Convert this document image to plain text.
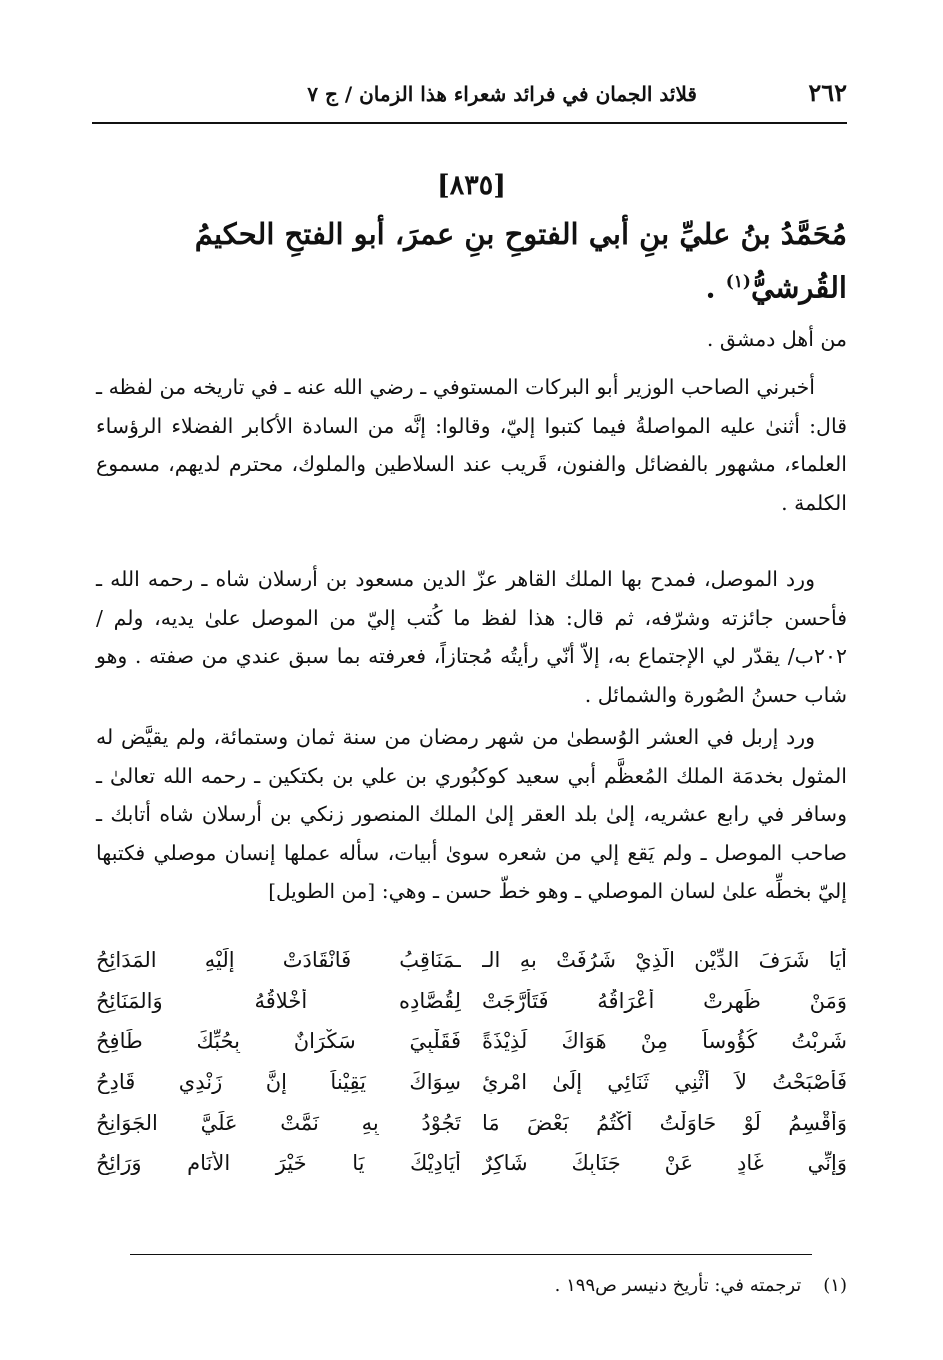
٢٦٢
قلائد الجمان في فرائد شعراء هذا الزمان / ج ٧
[٨٣٥]
مُحَمَّدُ بنُ عليِّ بنِ أبي الفتوحِ بنِ عمرَ، أبو الفتحِ الحكيمُ
القُرشيُّ$^{(١)}$ .

من أهل دمشق .

أخبرني الصاحب الوزير أبو البركات المستوفي ـ رضي الله عنه ـ في تاريخه من لفظه ـ قال: أثنىٰ عليه المواصلةُ فيما كتبوا إليّ، وقالوا: إنَّه من السادة الأكابر الفضلاء الرؤساء العلماء، مشهور بالفضائل والفنون، قَريب عند السلاطين والملوك، محترم لديهم، مسموع الكلمة .

ورد الموصل، فمدح بها الملك القاهر عزّ الدين مسعود بن أرسلان شاه ـ رحمه الله ـ فأحسن جائزته وشرّفه، ثم قال: هذا لفظ ما كُتب إليّ من الموصل علىٰ يديه، ولم / ٢٠٢ب/ يقدّر لي الإجتماع به، إلاّ أنّي رأيتُه مُجتازاً، فعرفته بما سبق عندي من صفته . وهو شاب حسنُ الصُورة والشمائل .

ورد إربل في العشر الوُسطىٰ من شهر رمضان من سنة ثمان وستمائة، ولم يقيَّض له المثول بخدمَة الملك المُعظَّم أبي سعيد كوكبُوري بن علي بن بكتكين ـ رحمه الله تعالىٰ ـ وسافر في رابع عشريه، إلىٰ بلد العقر إلىٰ الملك المنصور زنكي بن أرسلان شاه أتابك ـ صاحب الموصل ـ ولم يَقع إلي من شعره سوىٰ أبيات، سأله عملها إنسان موصلي فكتبها إليّ بخطِّه علىٰ لسان الموصلي ـ وهو خطّ حسن ـ وهي: [من الطويل]

أيَا شَرَفَ الدِّيْنِ الَّذِيْ شَرُفَتْ بهِ الـ
ـمَنَاقِبُ فَانْقَادَتْ إلَيْهِ المَدَائِحُ
وَمَنْ ظَهرتْ أعْرَاقُهُ فَتَأرَّجَتْ
لِقُصَّادِه أخْلاقُهُ وَالمَنَائِحُ
شَرِبْتُ كُؤُوساً مِنْ هَوَاكَ لَذِيْذَةً
فَقَلْبِيَ سَكْرَانٌ بِحُبِّكَ طَافِحُ
فَأصْبَحْتُ لاَ أُثْنِي ثَنَائِي إلَىٰ امْرِئٍ
سِوَاكَ يَقِيْناً إنَّ زَنْدِي قَادِحُ
وَأقْسِمُ لَوْ حَاوَلْتُ أكْتُمُ بَعْضَ مَا
تَجُوْدُ بِهِ نَمَّتْ عَلَيَّ الجَوَانِحُ
وَإنِّي غَادٍ عَنْ جَنَابِكَ شَاكِرٌ
أيَادِيْكَ يَا خَيْرَ الأنَامِ وَرَائِحُ
(١)ترجمته في: تأريخ دنيسر ص١٩٩ .
